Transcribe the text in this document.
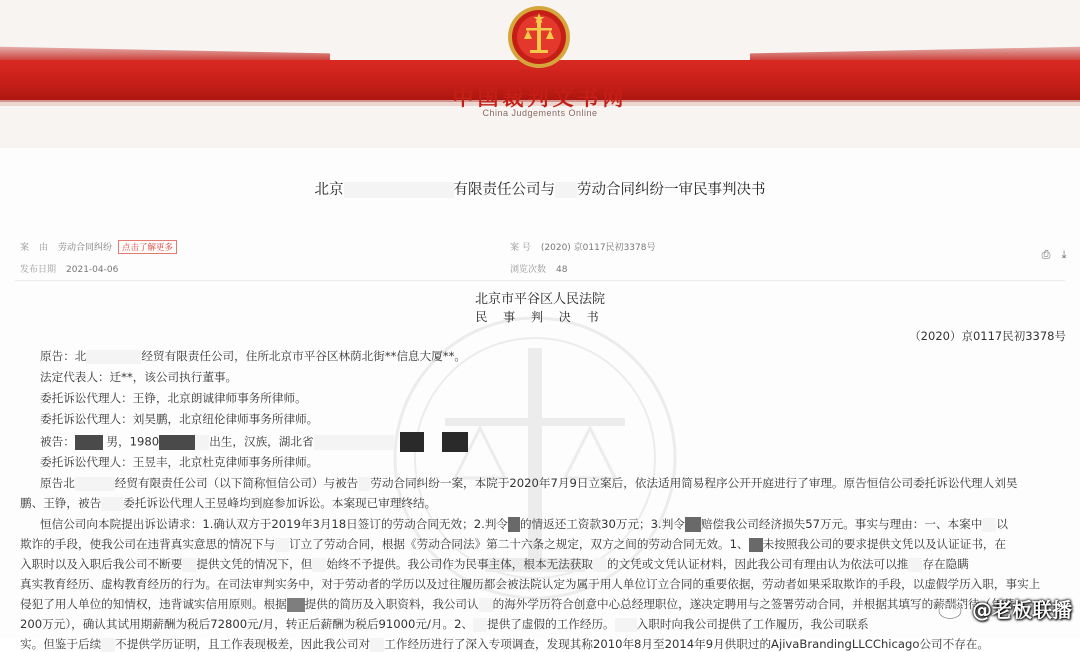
中国裁判文书网
China Judgements Online
北京	有限责任公司与 劳动合同纠纷一审民事判决书
案 由 劳动合同纠纷 点击了解更多	案 号 (2020) 京0117民初3378号
发布日期 2021-04-06	浏览次数 48
⎙	⤓
北京市平谷区人民法院
民 事 判 决 书
（2020）京0117民初3378号
原告：北	经贸有限责任公司，住所北京市平谷区林荫北街**信息大厦**。
法定代表人：迁**，该公司执行董事。
委托诉讼代理人：王铮，北京朗诚律师事务所律师。
委托诉讼代理人：刘昊鹏，北京纽伦律师事务所律师。
被告：	男，1980	出生，汉族，湖北省
委托诉讼代理人：王昱丰，北京杜克律师事务所律师。
原告北	经贸有限责任公司（以下简称恒信公司）与被告 劳动合同纠纷一案，本院于2020年7月9日立案后，依法适用简易程序公开开庭进行了审理。原告恒信公司委托诉讼代理人刘昊
鹏、王铮，被告 委托诉讼代理人王昱峰均到庭参加诉讼。本案现已审理终结。
恒信公司向本院提出诉讼请求：1.确认双方于2019年3月18日签订的劳动合同无效；2.判令 的情返还工资款30万元；3.判令 赔偿我公司经济损失57万元。事实与理由：一、本案中 以
欺诈的手段，使我公司在违背真实意思的情况下与 订立了劳动合同，根据《劳动合同法》第二十六条之规定，双方之间的劳动合同无效。1、 未按照我公司的要求提供文凭以及认证证书，在
入职时以及入职后我公司不断要 提供文凭的情况下，但 始终不予提供。我公司作为民事主体，根本无法获取 的文凭或文凭认证材料，因此我公司有理由认为依法可以推 存在隐瞒
真实教育经历、虚构教育经历的行为。在司法审判实务中，对于劳动者的学历以及过往履历都会被法院认定为属于用人单位订立合同的重要依据，劳动者如果采取欺诈的手段，以虚假学历入职，事实上
侵犯了用人单位的知情权，违背诚实信用原则。根据 提供的简历及入职资料，我公司认 的海外学历符合创意中心总经理职位，遂决定聘用与之签署劳动合同，并根据其填写的薪酬期待（年薪
200万元），确认其试用期薪酬为税后72800元/月，转正后薪酬为税后91000元/月。2、 提供了虚假的工作经历。 入职时向我公司提供了工作履历，我公司联系
实。但鉴于后续 不提供学历证明，且工作表现极差，因此我公司对 工作经历进行了深入专项调查，发现其称2010年8月至2014年9月供职过的AjivaBrandingLLCChicago公司不存在。
@老板联播
